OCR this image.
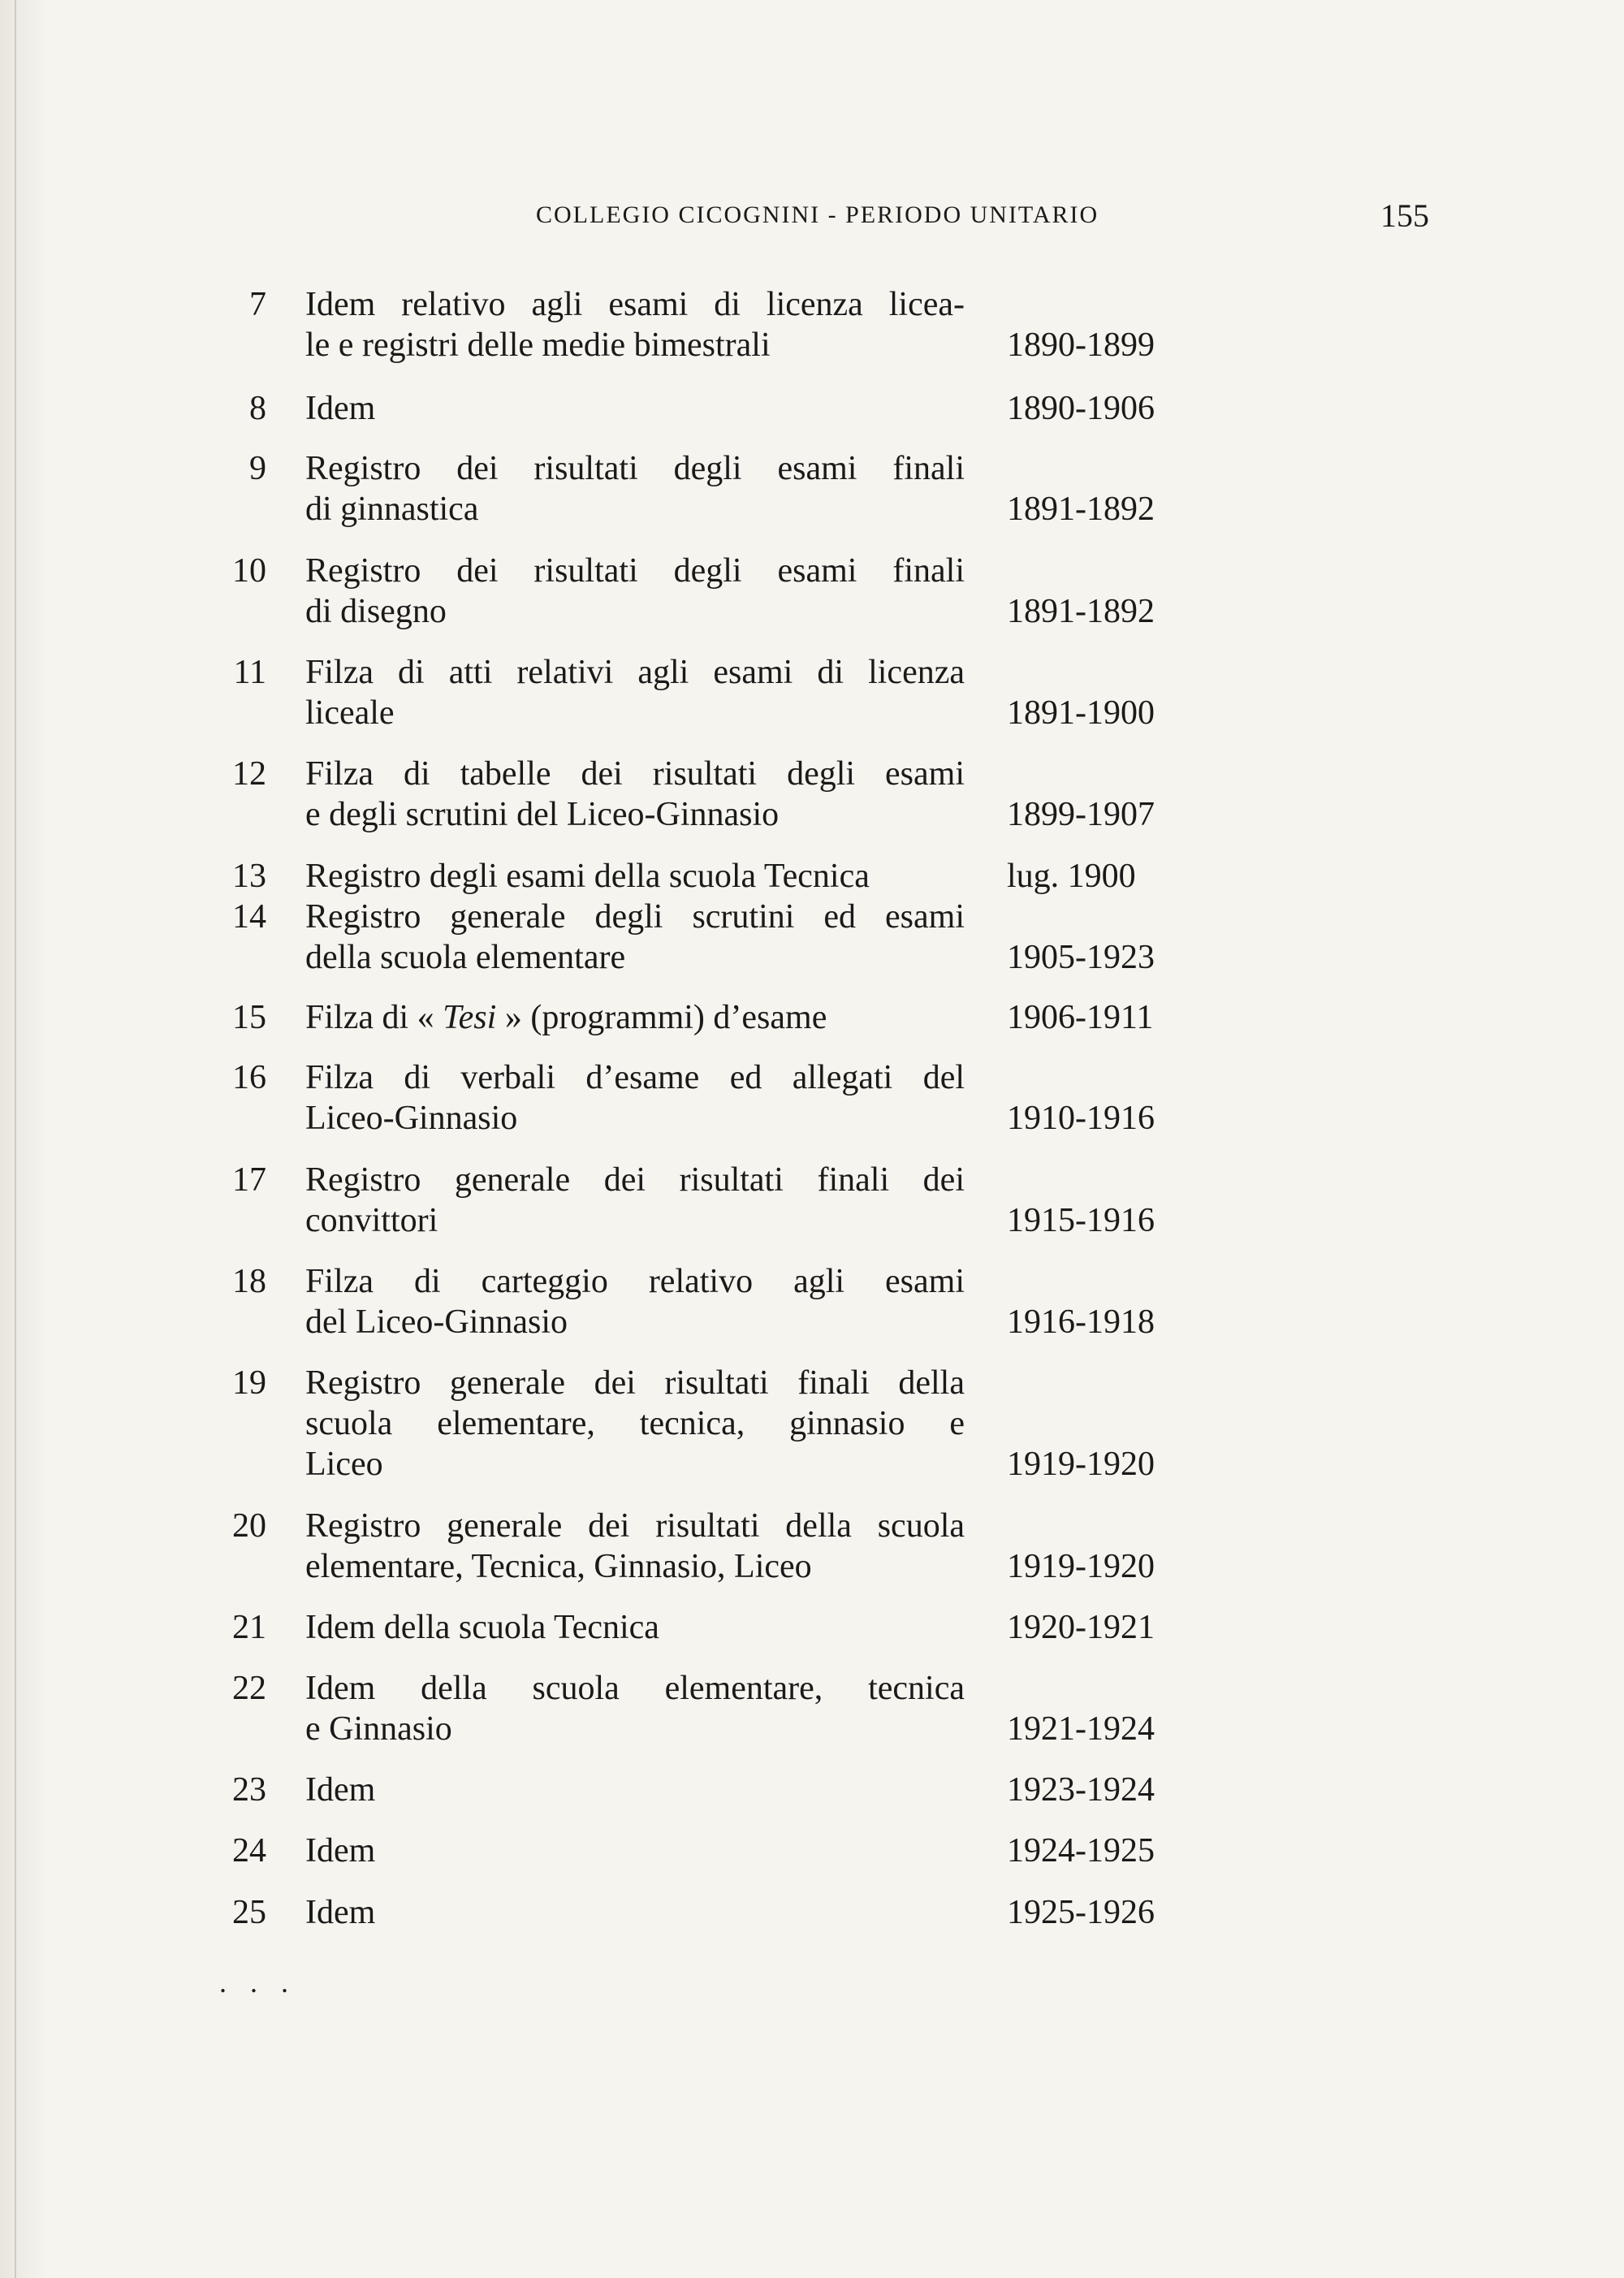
COLLEGIO CICOGNINI - PERIODO UNITARIO	155
7 Idem relativo agli esami di licenza licea-
le e registri delle medie bimestrali	1890-1899
8 Idem	1890-1906
9 Registro dei risultati degli esami finali
di ginnastica	1891-1892
10 Registro dei risultati degli esami finali
di disegno	1891-1892
11 Filza di atti relativi agli esami di licenza
liceale	1891-1900
12 Filza di tabelle dei risultati degli esami
e degli scrutini del Liceo-Ginnasio	1899-1907
13 Registro degli esami della scuola Tecnica	lug. 1900
14 Registro generale degli scrutini ed esami
della scuola elementare	1905-1923
15 Filza di « Tesi » (programmi) d’esame	1906-1911
16 Filza di verbali d’esame ed allegati del
Liceo-Ginnasio	1910-1916
17 Registro generale dei risultati finali dei
convittori	1915-1916
18 Filza di carteggio relativo agli esami
del Liceo-Ginnasio	1916-1918
19 Registro generale dei risultati finali della
scuola elementare, tecnica, ginnasio e
Liceo	1919-1920
20 Registro generale dei risultati della scuola
elementare, Tecnica, Ginnasio, Liceo	1919-1920
21 Idem della scuola Tecnica	1920-1921
22 Idem della scuola elementare, tecnica
e Ginnasio	1921-1924
23 Idem	1923-1924
24 Idem	1924-1925
25 Idem	1925-1926
. . .
